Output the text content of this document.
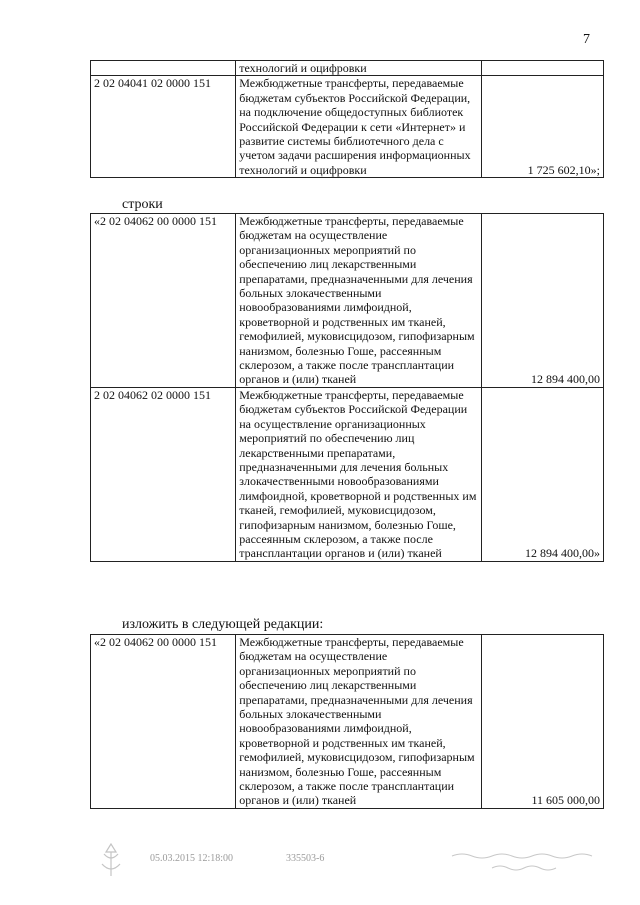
7
	технологий и оцифровки	
2 02 04041 02 0000 151	Межбюджетные трансферты, передаваемые бюджетам субъектов Российской Федерации, на подключение общедоступных библиотек Российской Федерации к сети «Интернет» и развитие системы библиотечного дела с учетом задачи расширения информационных технологий и оцифровки	1 725 602,10»;
строки
«2 02 04062 00 0000 151	Межбюджетные трансферты, передаваемые бюджетам на осуществление организационных мероприятий по обеспечению лиц лекарственными препаратами, предназначенными для лечения больных злокачественными новообразованиями лимфоидной, кроветворной и родственных им тканей, гемофилией, муковисцидозом, гипофизарным нанизмом, болезнью Гоше, рассеянным склерозом, а также после трансплантации органов и (или) тканей	12 894 400,00
2 02 04062 02 0000 151	Межбюджетные трансферты, передаваемые бюджетам субъектов Российской Федерации на осуществление организационных мероприятий по обеспечению лиц лекарственными препаратами, предназначенными для лечения больных злокачественными новообразованиями лимфоидной, кроветворной и родственных им тканей, гемофилией, муковисцидозом, гипофизарным нанизмом, болезнью Гоше, рассеянным склерозом, а также после трансплантации органов и (или) тканей	12 894 400,00»
изложить в следующей редакции:
«2 02 04062 00 0000 151	Межбюджетные трансферты, передаваемые бюджетам на осуществление организационных мероприятий по обеспечению лиц лекарственными препаратами, предназначенными для лечения больных злокачественными новообразованиями лимфоидной, кроветворной и родственных им тканей, гемофилией, муковисцидозом, гипофизарным нанизмом, болезнью Гоше, рассеянным склерозом, а также после трансплантации органов и (или) тканей	11 605 000,00
05.03.2015 12:18:00	335503-6
